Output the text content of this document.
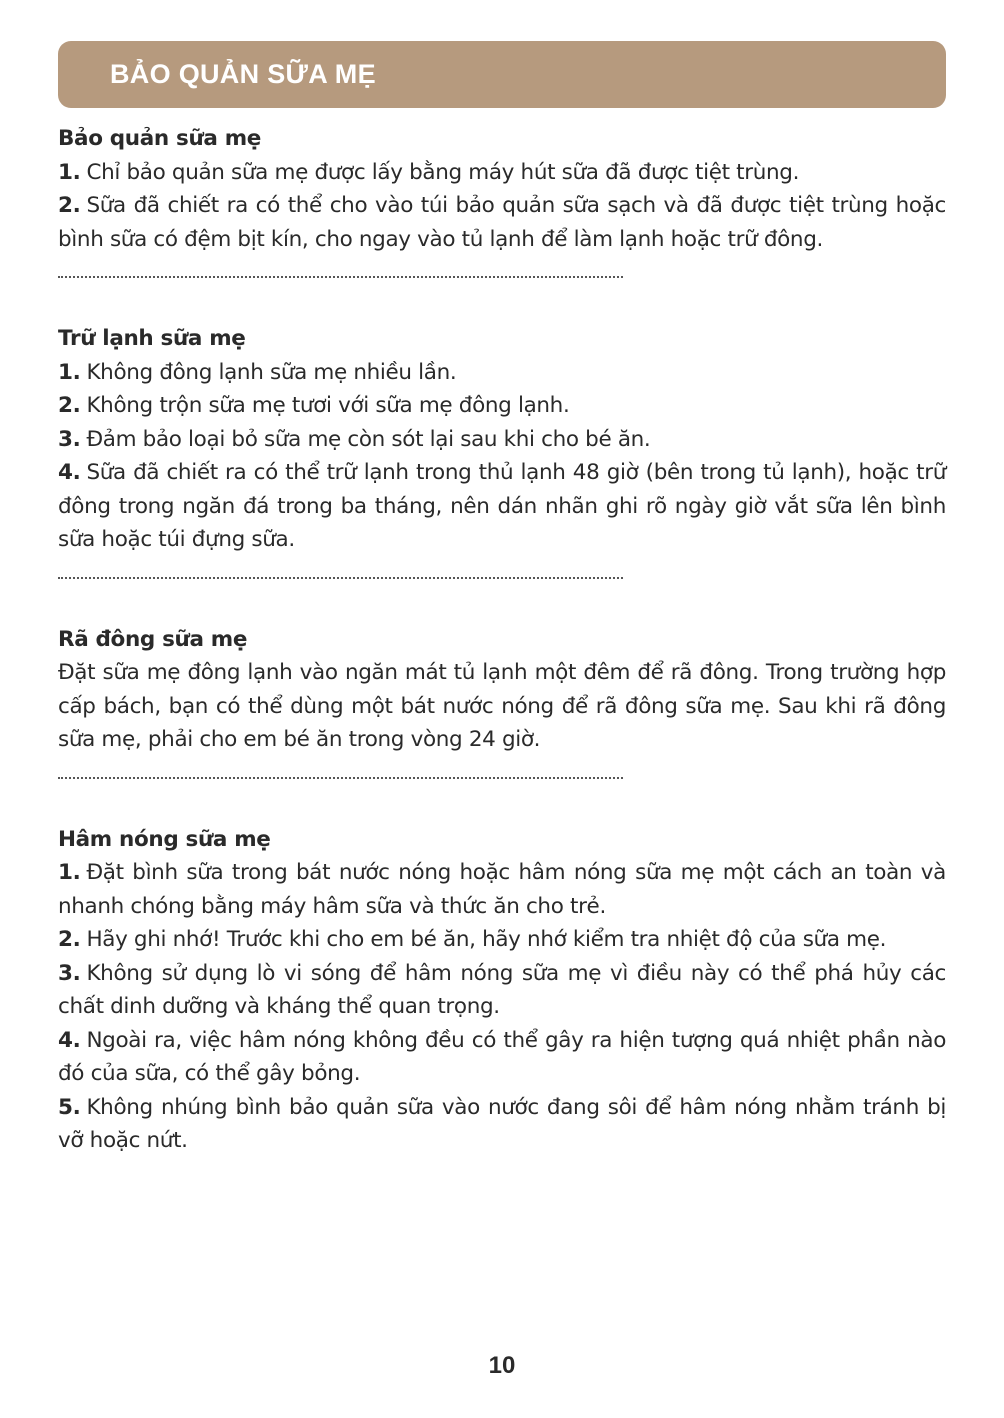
BẢO QUẢN SỮA MẸ

Bảo quản sữa mẹ

1. Chỉ bảo quản sữa mẹ được lấy bằng máy hút sữa đã được tiệt trùng.

2. Sữa đã chiết ra có thể cho vào túi bảo quản sữa sạch và đã được tiệt trùng hoặc bình sữa có đệm bịt kín, cho ngay vào tủ lạnh để làm lạnh hoặc trữ đông.

Trữ lạnh sữa mẹ

1. Không đông lạnh sữa mẹ nhiều lần.

2. Không trộn sữa mẹ tươi với sữa mẹ đông lạnh.

3. Đảm bảo loại bỏ sữa mẹ còn sót lại sau khi cho bé ăn.

4. Sữa đã chiết ra có thể trữ lạnh trong thủ lạnh 48 giờ (bên trong tủ lạnh), hoặc trữ đông trong ngăn đá trong ba tháng, nên dán nhãn ghi rõ ngày giờ vắt sữa lên bình sữa hoặc túi đựng sữa.

Rã đông sữa mẹ

Đặt sữa mẹ đông lạnh vào ngăn mát tủ lạnh một đêm để rã đông. Trong trường hợp cấp bách, bạn có thể dùng một bát nước nóng để rã đông sữa mẹ. Sau khi rã đông sữa mẹ, phải cho em bé ăn trong vòng 24 giờ.

Hâm nóng sữa mẹ

1. Đặt bình sữa trong bát nước nóng hoặc hâm nóng sữa mẹ một cách an toàn và nhanh chóng bằng máy hâm sữa và thức ăn cho trẻ.

2. Hãy ghi nhớ! Trước khi cho em bé ăn, hãy nhớ kiểm tra nhiệt độ của sữa mẹ.

3. Không sử dụng lò vi sóng để hâm nóng sữa mẹ vì điều này có thể phá hủy các chất dinh dưỡng và kháng thể quan trọng.

4. Ngoài ra, việc hâm nóng không đều có thể gây ra hiện tượng quá nhiệt phần nào đó của sữa, có thể gây bỏng.

5. Không nhúng bình bảo quản sữa vào nước đang sôi để hâm nóng nhằm tránh bị vỡ hoặc nứt.

10
